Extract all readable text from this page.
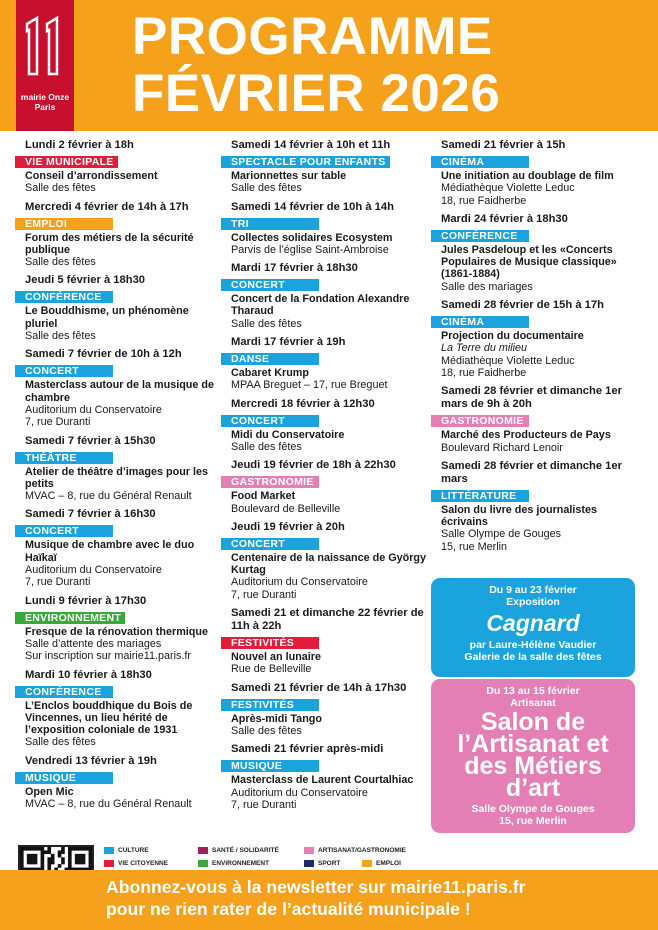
mairie Onze
Paris
PROGRAMME
FÉVRIER 2026
Lundi 2 février à 18h
VIE MUNICIPALE
Conseil d’arrondissement
Salle des fêtes
Mercredi 4 février de 14h à 17h
EMPLOI
Forum des métiers de la sécurité publique
Salle des fêtes
Jeudi 5 février à 18h30
CONFÉRENCE
Le Bouddhisme, un phénomène pluriel
Salle des fêtes
Samedi 7 février de 10h à 12h
CONCERT
Masterclass autour de la musique de chambre
Auditorium du Conservatoire
7, rue Duranti
Samedi 7 février à 15h30
THÉÂTRE
Atelier de théâtre d’images pour les petits
MVAC – 8, rue du Général Renault
Samedi 7 février à 16h30
CONCERT
Musique de chambre avec le duo Haïkaï
Auditorium du Conservatoire
7, rue Duranti
Lundi 9 février à 17h30
ENVIRONNEMENT
Fresque de la rénovation thermique
Salle d’attente des mariages
Sur inscription sur mairie11.paris.fr
Mardi 10 février à 18h30
CONFÉRENCE
L’Enclos bouddhique du Bois de Vincennes, un lieu hérité de l’exposition coloniale de 1931
Salle des fêtes
Vendredi 13 février à 19h
MUSIQUE
Open Mic
MVAC – 8, rue du Général Renault
Samedi 14 février à 10h et 11h
SPECTACLE POUR ENFANTS
Marionnettes sur table
Salle des fêtes
Samedi 14 février de 10h à 14h
TRI
Collectes solidaires Ecosystem
Parvis de l’église Saint-Ambroise
Mardi 17 février à 18h30
CONCERT
Concert de la Fondation Alexandre Tharaud
Salle des fêtes
Mardi 17 février à 19h
DANSE
Cabaret Krump
MPAA Breguet – 17, rue Breguet
Mercredi 18 février à 12h30
CONCERT
Midi du Conservatoire
Salle des fêtes
Jeudi 19 février de 18h à 22h30
GASTRONOMIE
Food Market
Boulevard de Belleville
Jeudi 19 février à 20h
CONCERT
Centenaire de la naissance de György Kurtag
Auditorium du Conservatoire
7, rue Duranti
Samedi 21 et dimanche 22 février de 11h à 22h
FESTIVITÉS
Nouvel an lunaire
Rue de Belleville
Samedi 21 février de 14h à 17h30
FESTIVITÉS
Après-midi Tango
Salle des fêtes
Samedi 21 février après-midi
MUSIQUE
Masterclass de Laurent Courtalhiac
Auditorium du Conservatoire
7, rue Duranti
Samedi 21 février à 15h
CINÉMA
Une initiation au doublage de film
Médiathèque Violette Leduc
18, rue Faidherbe
Mardi 24 février à 18h30
CONFÉRENCE
Jules Pasdeloup et les «Concerts Populaires de Musique classique» (1861-1884)
Salle des mariages
Samedi 28 février de 15h à 17h
CINÉMA
Projection du documentaire
La Terre du milieu
Médiathèque Violette Leduc
18, rue Faidherbe
Samedi 28 février et dimanche 1er mars de 9h à 20h
GASTRONOMIE
Marché des Producteurs de Pays
Boulevard Richard Lenoir
Samedi 28 février et dimanche 1er mars
LITTÉRATURE
Salon du livre des journalistes écrivains
Salle Olympe de Gouges
15, rue Merlin
Du 9 au 23 février
Exposition
Cagnard
par Laure-Hélène Vaudier
Galerie de la salle des fêtes
Du 13 au 15 février
Artisanat
Salon de
l’Artisanat et
des Métiers
d’art
Salle Olympe de Gouges
15, rue Merlin
CULTURE	SANTÉ / SOLIDARITÉ	ARTISANAT/GASTRONOMIE
VIE CITOYENNE	ENVIRONNEMENT	SPORT	EMPLOI
Abonnez-vous à la newsletter sur mairie11.paris.fr
pour ne rien rater de l’actualité municipale !
